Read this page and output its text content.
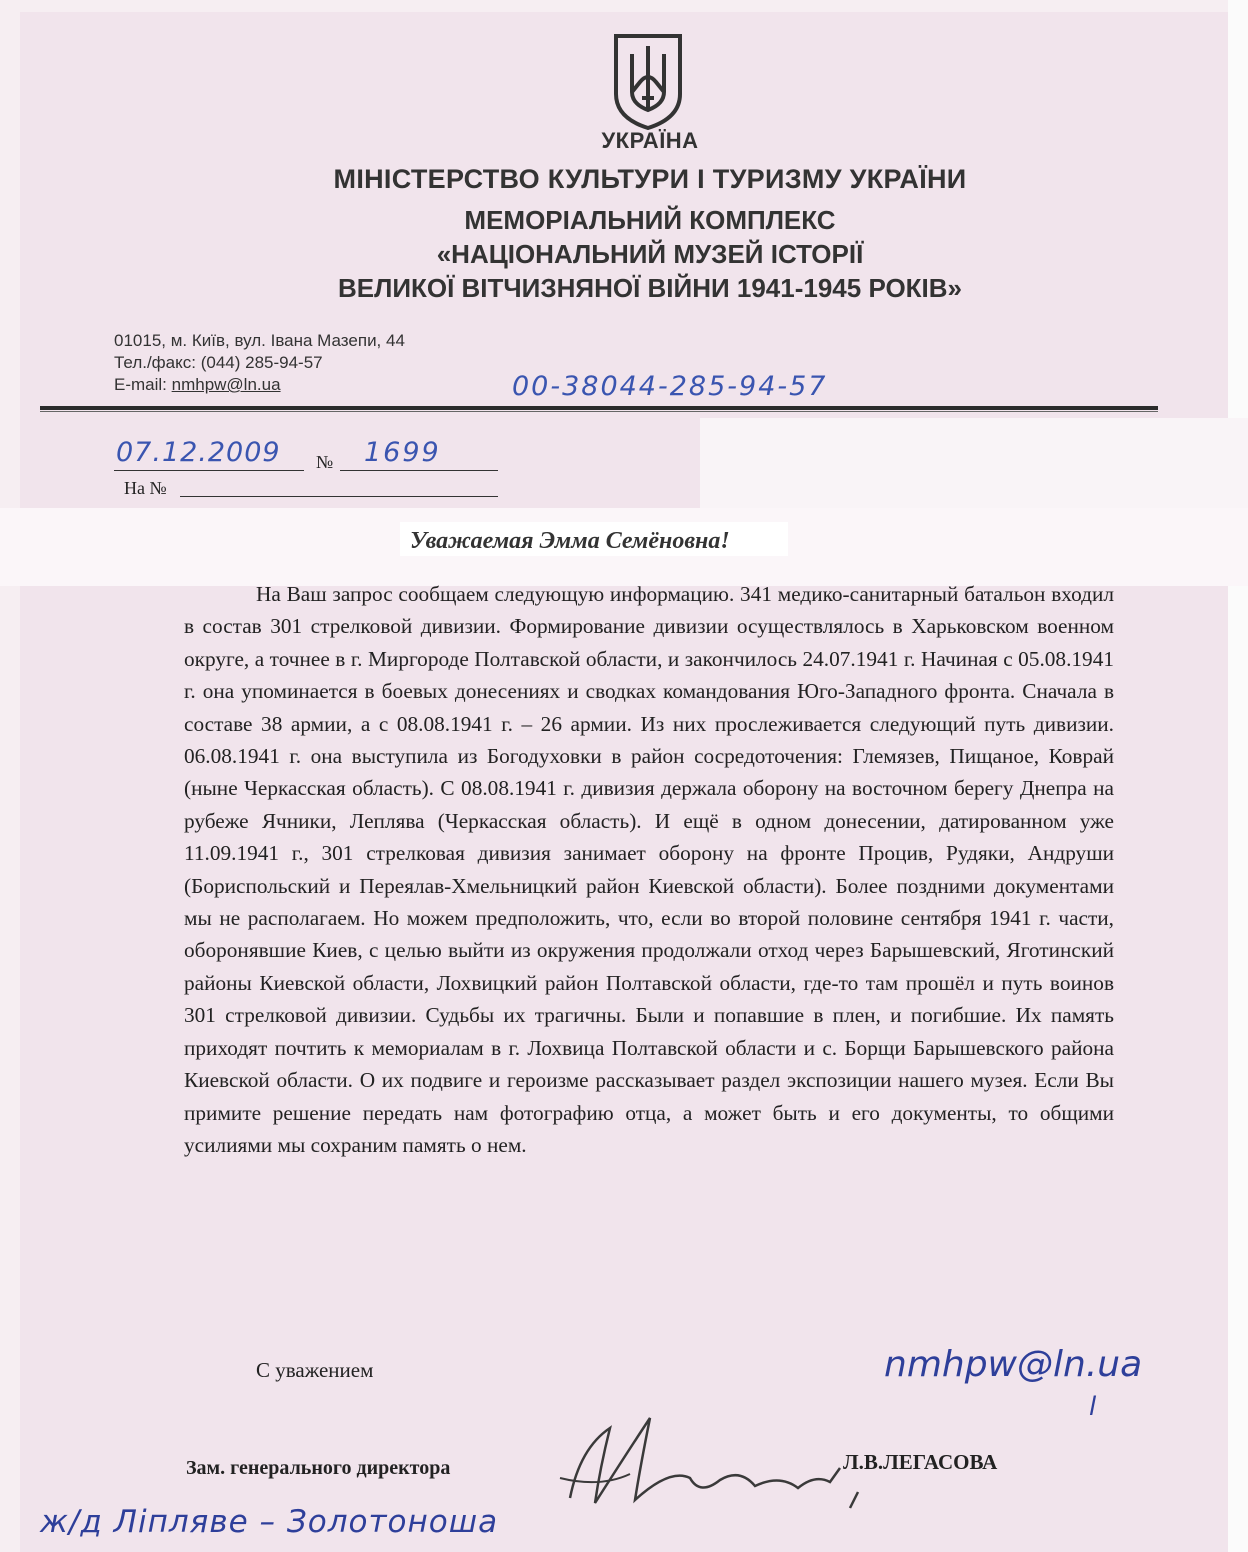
УКРАЇНА
МІНІСТЕРСТВО КУЛЬТУРИ І ТУРИЗМУ УКРАЇНИ
МЕМОРІАЛЬНИЙ КОМПЛЕКС
«НАЦІОНАЛЬНИЙ МУЗЕЙ ІСТОРІЇ
ВЕЛИКОЇ ВІТЧИЗНЯНОЇ ВІЙНИ 1941-1945 РОКІВ»
01015, м. Київ, вул. Івана Мазепи, 44
Тел./факс: (044) 285-94-57
E-mail: nmhpw@ln.ua	00-38044-285-94-57
07.12.2009 № 1699
На №
Уважаемая Эмма Семёновна!
На Ваш запрос сообщаем следующую информацию. 341 медико-санитарный батальон входил в состав 301 стрелковой дивизии. Формирование дивизии осуществлялось в Харьковском военном округе, а точнее в г. Миргороде Полтавской области, и закончилось 24.07.1941 г. Начиная с 05.08.1941 г. она упоминается в боевых донесениях и сводках командования Юго-Западного фронта. Сначала в составе 38 армии, а с 08.08.1941 г. – 26 армии. Из них прослеживается следующий путь дивизии. 06.08.1941 г. она выступила из Богодуховки в район сосредоточения: Глемязев, Пищаное, Коврай (ныне Черкасская область). С 08.08.1941 г. дивизия держала оборону на восточном берегу Днепра на рубеже Ячники, Леплява (Черкасская область). И ещё в одном донесении, датированном уже 11.09.1941 г., 301 стрелковая дивизия занимает оборону на фронте Процив, Рудяки, Андруши (Бориспольский и Переялав-Хмельницкий район Киевской области). Более поздними документами мы не располагаем. Но можем предположить, что, если во второй половине сентября 1941 г. части, оборонявшие Киев, с целью выйти из окружения продолжали отход через Барышевский, Яготинский районы Киевской области, Лохвицкий район Полтавской области, где-то там прошёл и путь воинов 301 стрелковой дивизии. Судьбы их трагичны. Были и попавшие в плен, и погибшие. Их память приходят почтить к мемориалам в г. Лохвица Полтавской области и с. Борщи Барышевского района Киевской области. О их подвиге и героизме рассказывает раздел экспозиции нашего музея. Если Вы примите решение передать нам фотографию отца, а может быть и его документы, то общими усилиями мы сохраним память о нем.
С уважением	nmhpw@ln.ua
l
Зам. генерального директора	Л.В.ЛЕГАСОВА
ж/д Ліпляве – Золотоноша
